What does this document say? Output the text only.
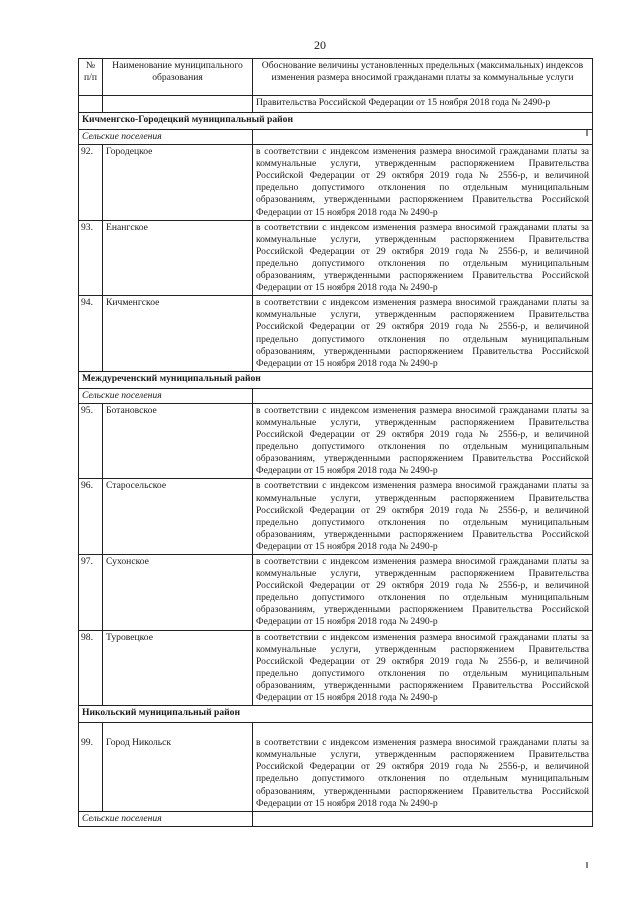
20
№ п/п	Наименование муниципального образования	Обоснование величины установленных предельных (максимальных) индексов изменения размера вносимой гражданами платы за коммунальные услуги
		Правительства Российской Федерации от 15 ноября 2018 года № 2490-р
Кичменгско-Городецкий муниципальный район		
Сельские поселения		
92.	Городецкое	в соответствии с индексом изменения размера вносимой гражданами платы за коммунальные услуги, утвержденным распоряжением Правительства Российской Федерации от 29 октября 2019 года № 2556-р, и величиной предельно допустимого отклонения по отдельным муниципальным образованиям, утвержденными распоряжением Правительства Российской Федерации от 15 ноября 2018 года № 2490-р
93.	Енангское	в соответствии с индексом изменения размера вносимой гражданами платы за коммунальные услуги, утвержденным распоряжением Правительства Российской Федерации от 29 октября 2019 года № 2556-р, и величиной предельно допустимого отклонения по отдельным муниципальным образованиям, утвержденными распоряжением Правительства Российской Федерации от 15 ноября 2018 года № 2490-р
94.	Кичменгское	в соответствии с индексом изменения размера вносимой гражданами платы за коммунальные услуги, утвержденным распоряжением Правительства Российской Федерации от 29 октября 2019 года № 2556-р, и величиной предельно допустимого отклонения по отдельным муниципальным образованиям, утвержденными распоряжением Правительства Российской Федерации от 15 ноября 2018 года № 2490-р
Междуреченский муниципальный район		
Сельские поселения		
95.	Ботановское	в соответствии с индексом изменения размера вносимой гражданами платы за коммунальные услуги, утвержденным распоряжением Правительства Российской Федерации от 29 октября 2019 года № 2556-р, и величиной предельно допустимого отклонения по отдельным муниципальным образованиям, утвержденными распоряжением Правительства Российской Федерации от 15 ноября 2018 года № 2490-р
96.	Старосельское	в соответствии с индексом изменения размера вносимой гражданами платы за коммунальные услуги, утвержденным распоряжением Правительства Российской Федерации от 29 октября 2019 года № 2556-р, и величиной предельно допустимого отклонения по отдельным муниципальным образованиям, утвержденными распоряжением Правительства Российской Федерации от 15 ноября 2018 года № 2490-р
97.	Сухонское	в соответствии с индексом изменения размера вносимой гражданами платы за коммунальные услуги, утвержденным распоряжением Правительства Российской Федерации от 29 октября 2019 года № 2556-р, и величиной предельно допустимого отклонения по отдельным муниципальным образованиям, утвержденными распоряжением Правительства Российской Федерации от 15 ноября 2018 года № 2490-р
98.	Туровецкое	в соответствии с индексом изменения размера вносимой гражданами платы за коммунальные услуги, утвержденным распоряжением Правительства Российской Федерации от 29 октября 2019 года № 2556-р, и величиной предельно допустимого отклонения по отдельным муниципальным образованиям, утвержденными распоряжением Правительства Российской Федерации от 15 ноября 2018 года № 2490-р
Никольский муниципальный район		
99.	Город Никольск	в соответствии с индексом изменения размера вносимой гражданами платы за коммунальные услуги, утвержденным распоряжением Правительства Российской Федерации от 29 октября 2019 года № 2556-р, и величиной предельно допустимого отклонения по отдельным муниципальным образованиям, утвержденными распоряжением Правительства Российской Федерации от 15 ноября 2018 года № 2490-р
Сельские поселения		
